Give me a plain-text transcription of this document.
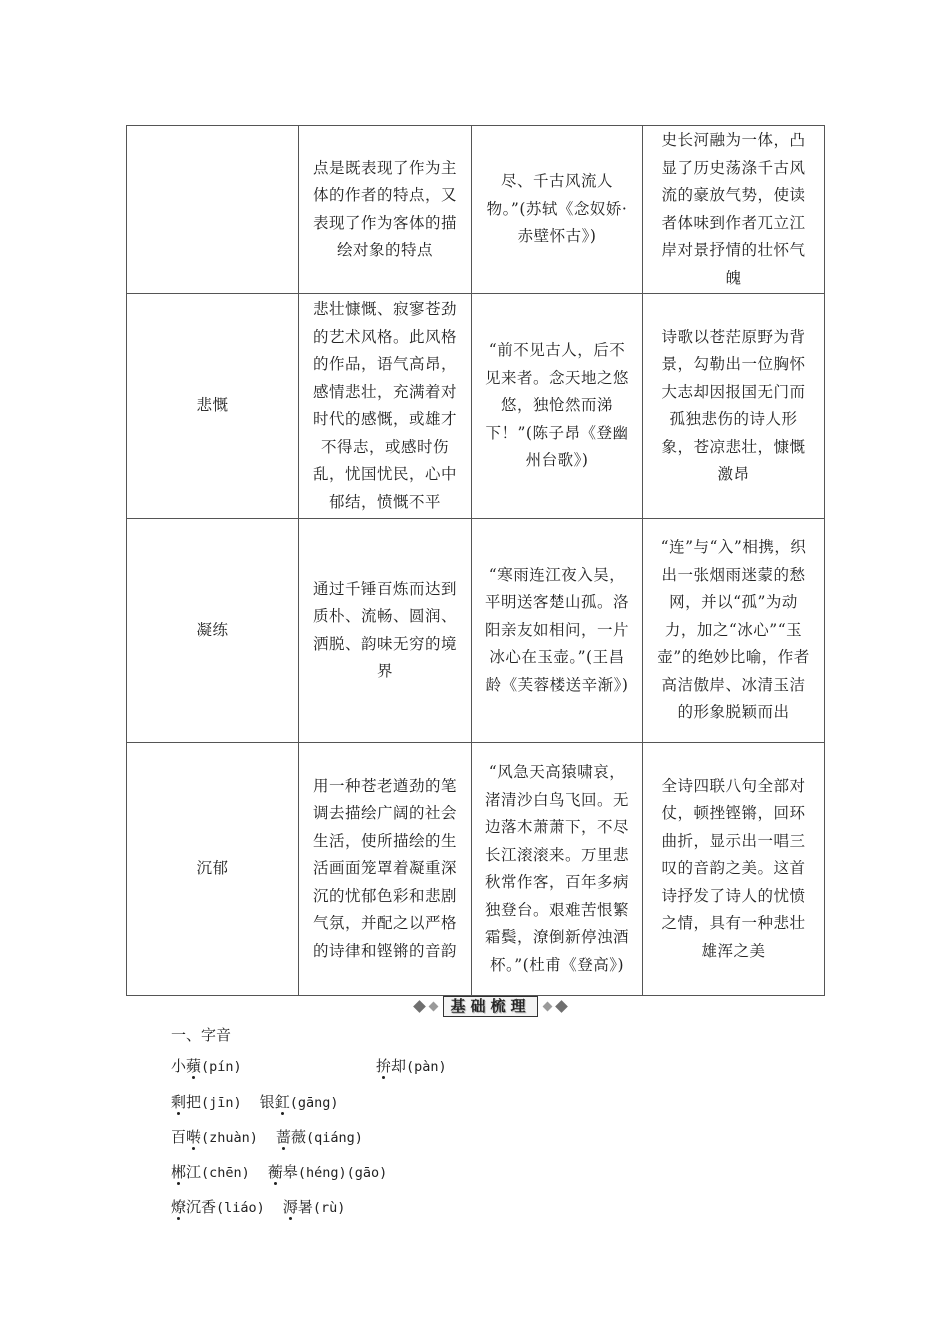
	点是既表现了作为主体的作者的特点，又表现了作为客体的描绘对象的特点	尽、千古风流人物。”(苏轼《念奴娇·赤壁怀古》)	史长河融为一体，凸显了历史荡涤千古风流的豪放气势，使读者体味到作者兀立江岸对景抒情的壮怀气魄
悲慨	悲壮慷慨、寂寥苍劲的艺术风格。此风格的作品，语气高昂，感情悲壮，充满着对时代的感慨，或雄才不得志，或感时伤乱，忧国忧民，心中郁结，愤慨不平	“前不见古人，后不见来者。念天地之悠悠，独怆然而涕下！”(陈子昂《登幽州台歌》)	诗歌以苍茫原野为背景，勾勒出一位胸怀大志却因报国无门而孤独悲伤的诗人形象，苍凉悲壮，慷慨激昂
凝练	通过千锤百炼而达到质朴、流畅、圆润、洒脱、韵味无穷的境界	“寒雨连江夜入吴，平明送客楚山孤。洛阳亲友如相问，一片冰心在玉壶。”(王昌龄《芙蓉楼送辛渐》)	“连”与“入”相携，织出一张烟雨迷蒙的愁网，并以“孤”为动力，加之“冰心”“玉壶”的绝妙比喻，作者高洁傲岸、冰清玉洁的形象脱颖而出
沉郁	用一种苍老遒劲的笔调去描绘广阔的社会生活，使所描绘的生活画面笼罩着凝重深沉的忧郁色彩和悲剧气氛，并配之以严格的诗律和铿锵的音韵	“风急天高猿啸哀，渚清沙白鸟飞回。无边落木萧萧下，不尽长江滚滚来。万里悲秋常作客，百年多病独登台。艰难苦恨繁霜鬓，潦倒新停浊酒杯。”(杜甫《登高》)	全诗四联八句全部对仗，顿挫铿锵，回环曲折，显示出一唱三叹的音韵之美。这首诗抒发了诗人的忧愤之情，具有一种悲壮雄浑之美
基础梳理
一、字音
小蘋(pín)	拚却(pàn)
剩把(jīn) 银釭(gāng)
百啭(zhuàn) 蔷薇(qiáng)
郴江(chēn) 蘅皋(héng)(gāo)
燎沉香(liáo) 溽暑(rù)
